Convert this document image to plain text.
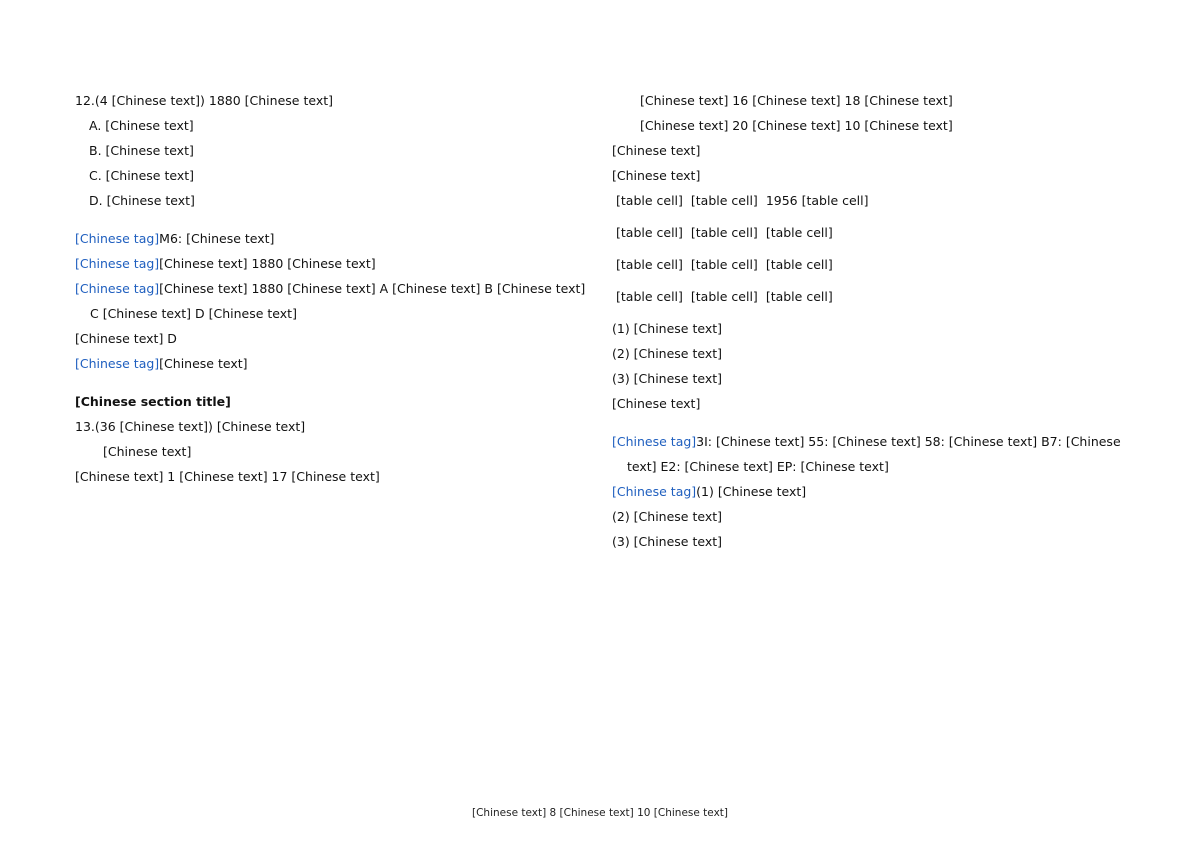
12.(4 [Chinese text]) 1880 [Chinese text]

A. [Chinese text]

B. [Chinese text]

C. [Chinese text]

D. [Chinese text]

[Chinese tag]M6: [Chinese text]

[Chinese tag][Chinese text] 1880 [Chinese text]

[Chinese tag][Chinese text] 1880 [Chinese text] A [Chinese text] B [Chinese text] C [Chinese text] D [Chinese text]

[Chinese text] D

[Chinese tag][Chinese text]

[Chinese section title]

13.(36 [Chinese text]) [Chinese text]

[Chinese text]

[Chinese text] 1 [Chinese text] 17 [Chinese text]

[Chinese text] 16 [Chinese text] 18 [Chinese text]

[Chinese text] 20 [Chinese text] 10 [Chinese text]

[Chinese text]

[Chinese text]

[table cell]	[table cell]	1956 [table cell]
[table cell]	[table cell]	[table cell]
[table cell]	[table cell]	[table cell]
[table cell]	[table cell]	[table cell]

(1) [Chinese text]

(2) [Chinese text]

(3) [Chinese text]

[Chinese text]

[Chinese tag]3I: [Chinese text] 55: [Chinese text] 58: [Chinese text] B7: [Chinese text] E2: [Chinese text] EP: [Chinese text]

[Chinese tag](1) [Chinese text]

(2) [Chinese text]

(3) [Chinese text]

[Chinese text] 8 [Chinese text] 10 [Chinese text]
